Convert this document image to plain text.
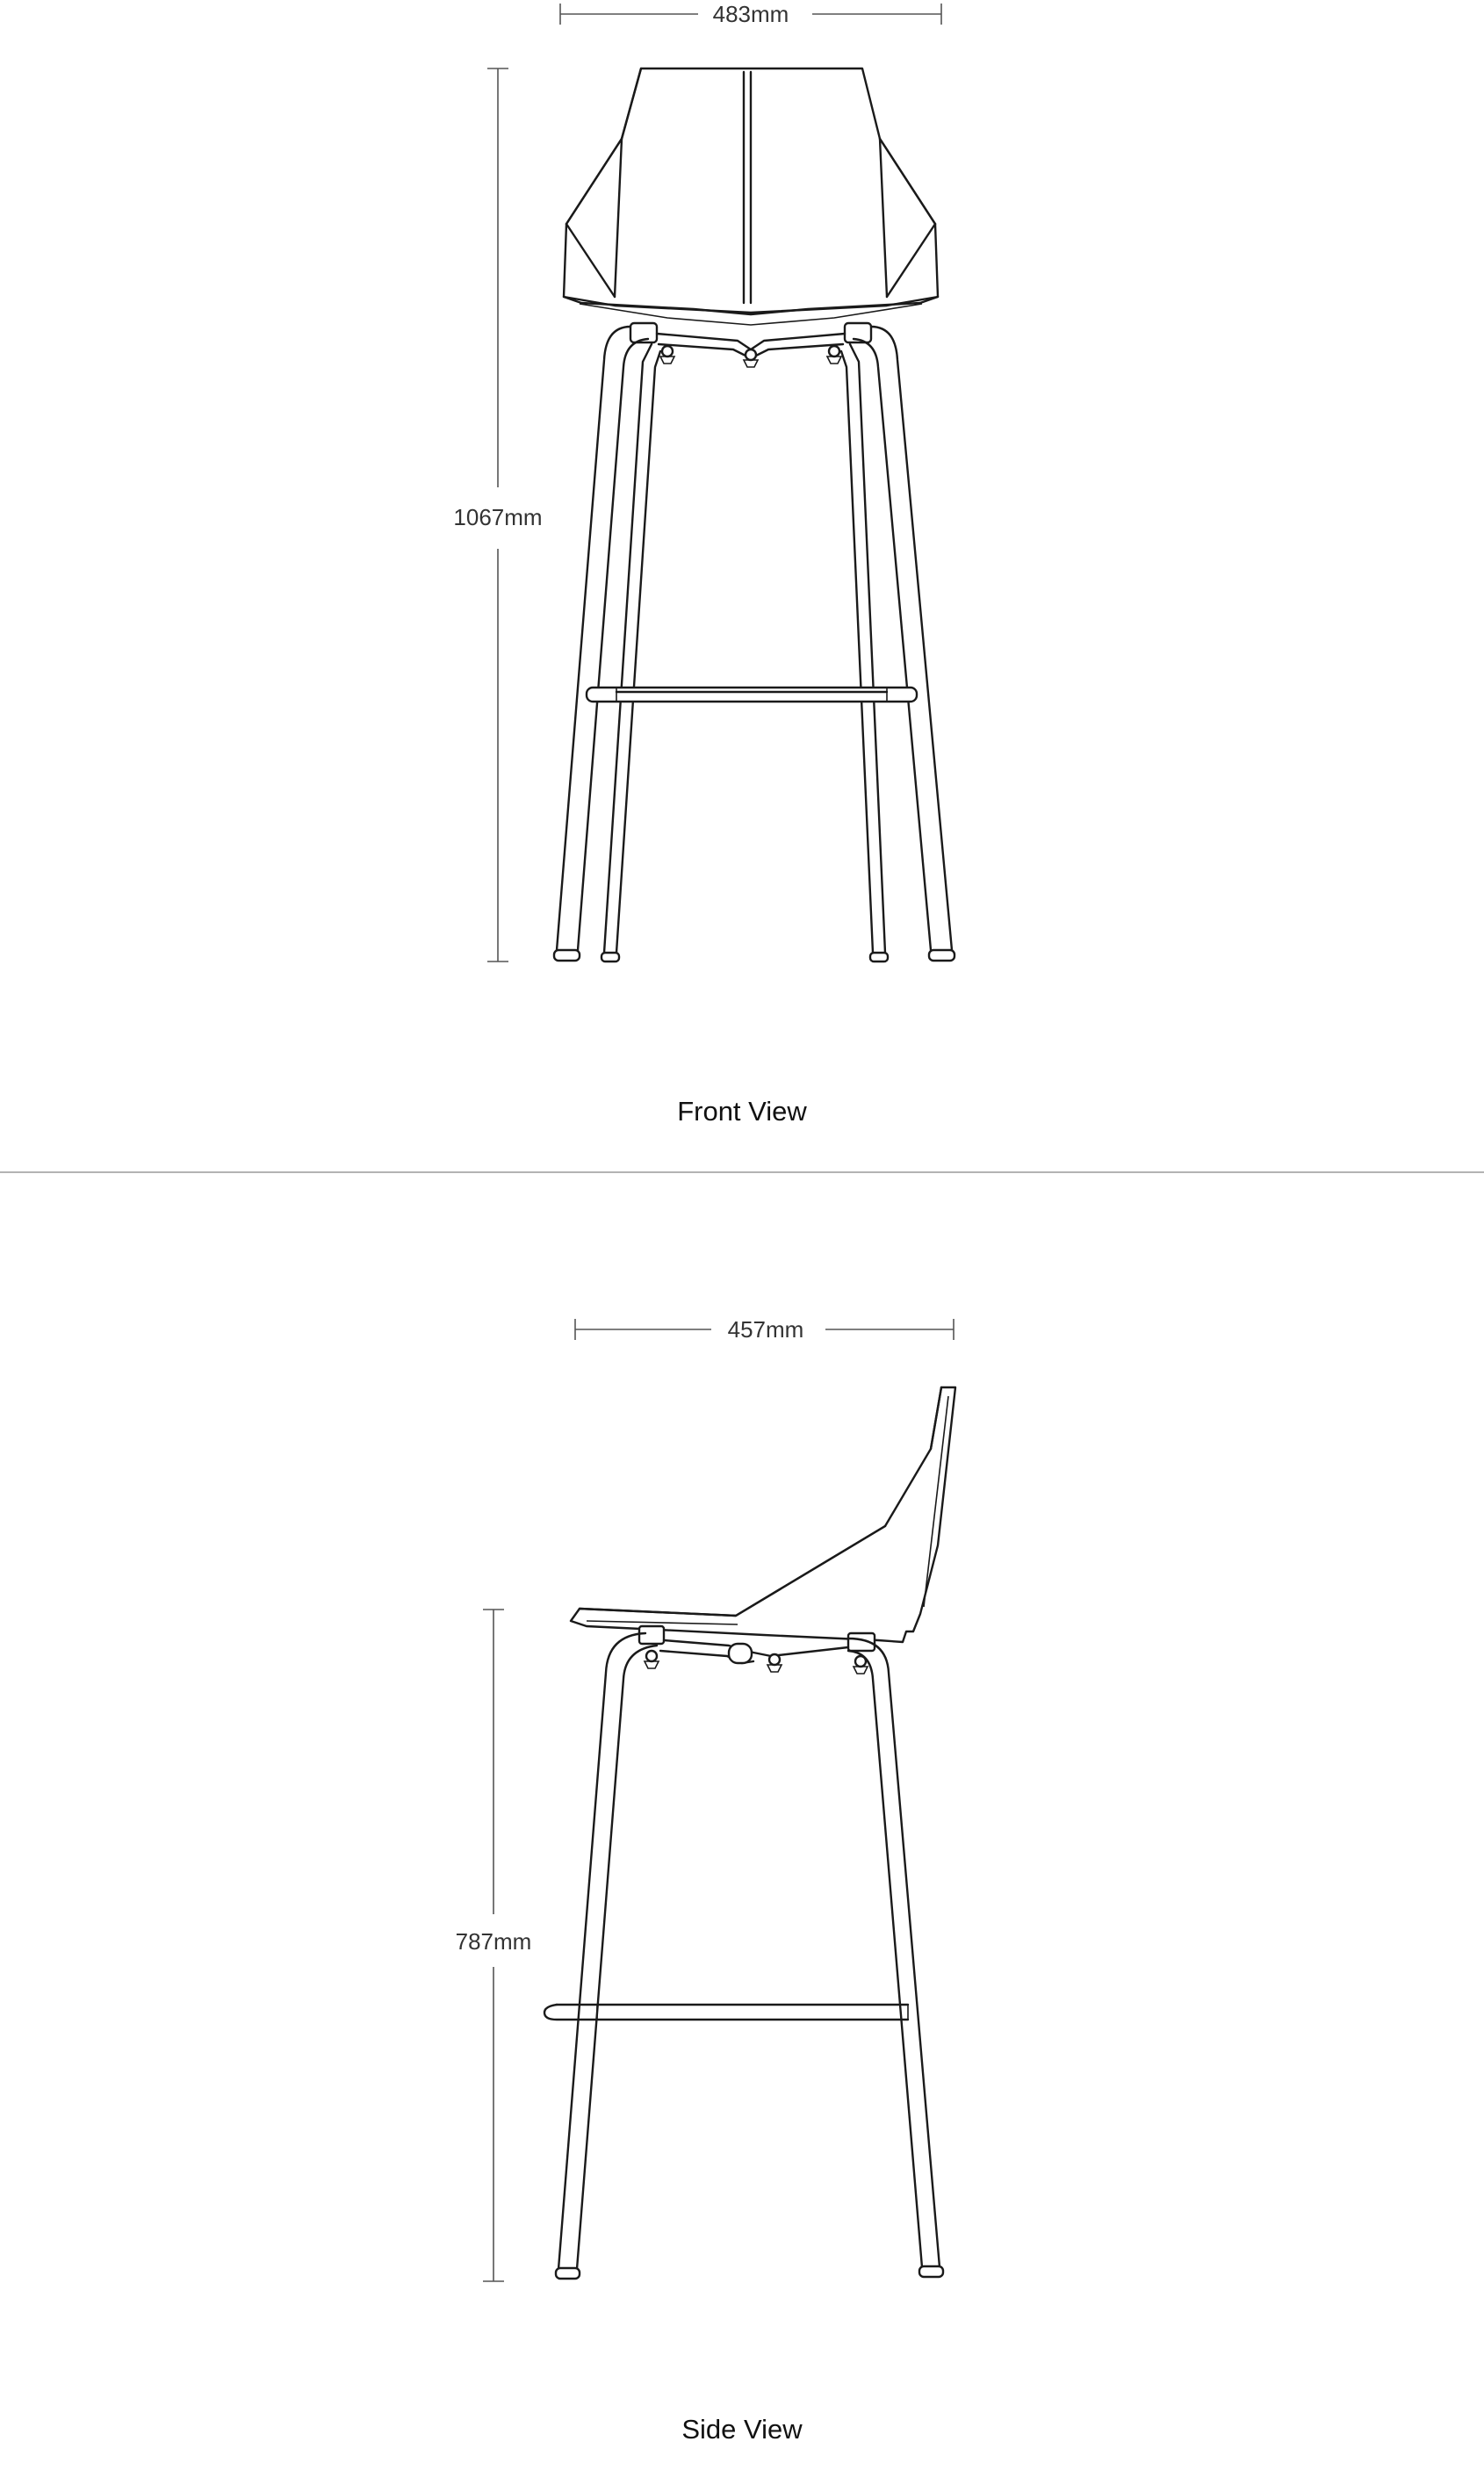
483mm
1067mm
Front View
457mm
787mm
Side View
